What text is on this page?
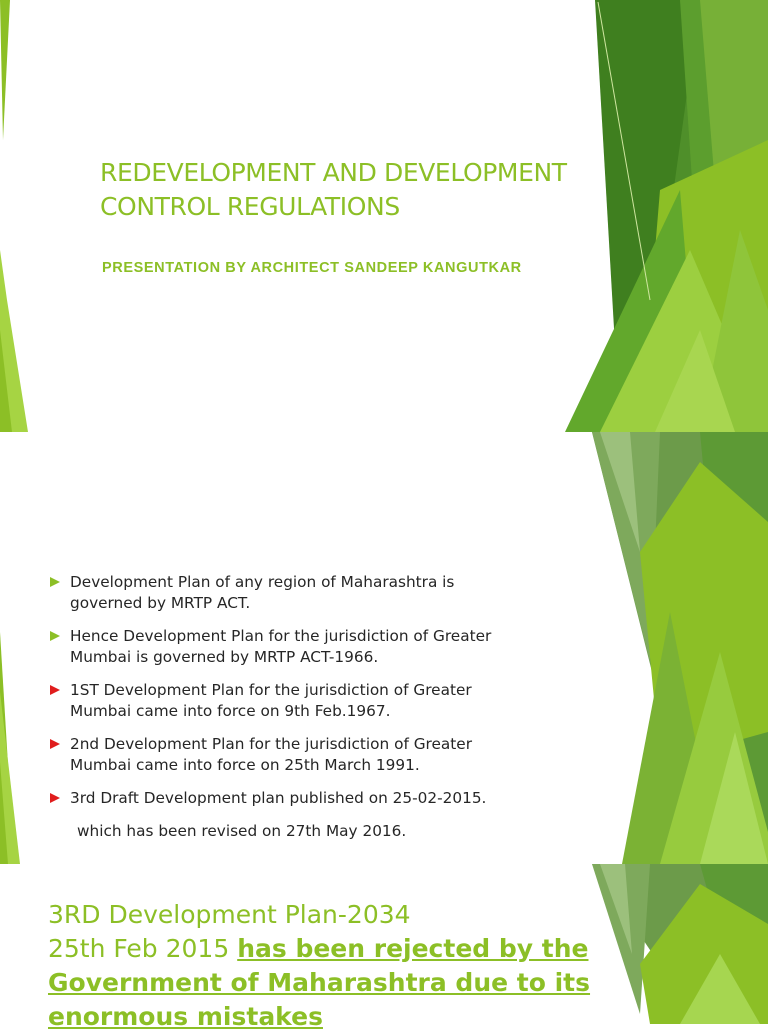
REDEVELOPMENT AND DEVELOPMENT
CONTROL REGULATIONS
PRESENTATION BY ARCHITECT SANDEEP KANGUTKAR
Development Plan of any region of Maharashtra is
governed by MRTP ACT.
Hence Development Plan for the jurisdiction of Greater
Mumbai is governed by MRTP ACT-1966.
1ST Development Plan for the jurisdiction of Greater
Mumbai came into force on 9th Feb.1967.
2nd Development Plan for the jurisdiction of Greater
Mumbai came into force on 25th March 1991.
3rd Draft Development plan published on 25-02-2015.
which has been revised on 27th May 2016.
3RD Development Plan-2034
25th Feb 2015 has been rejected by the
Government of Maharashtra due to its
enormous mistakes
